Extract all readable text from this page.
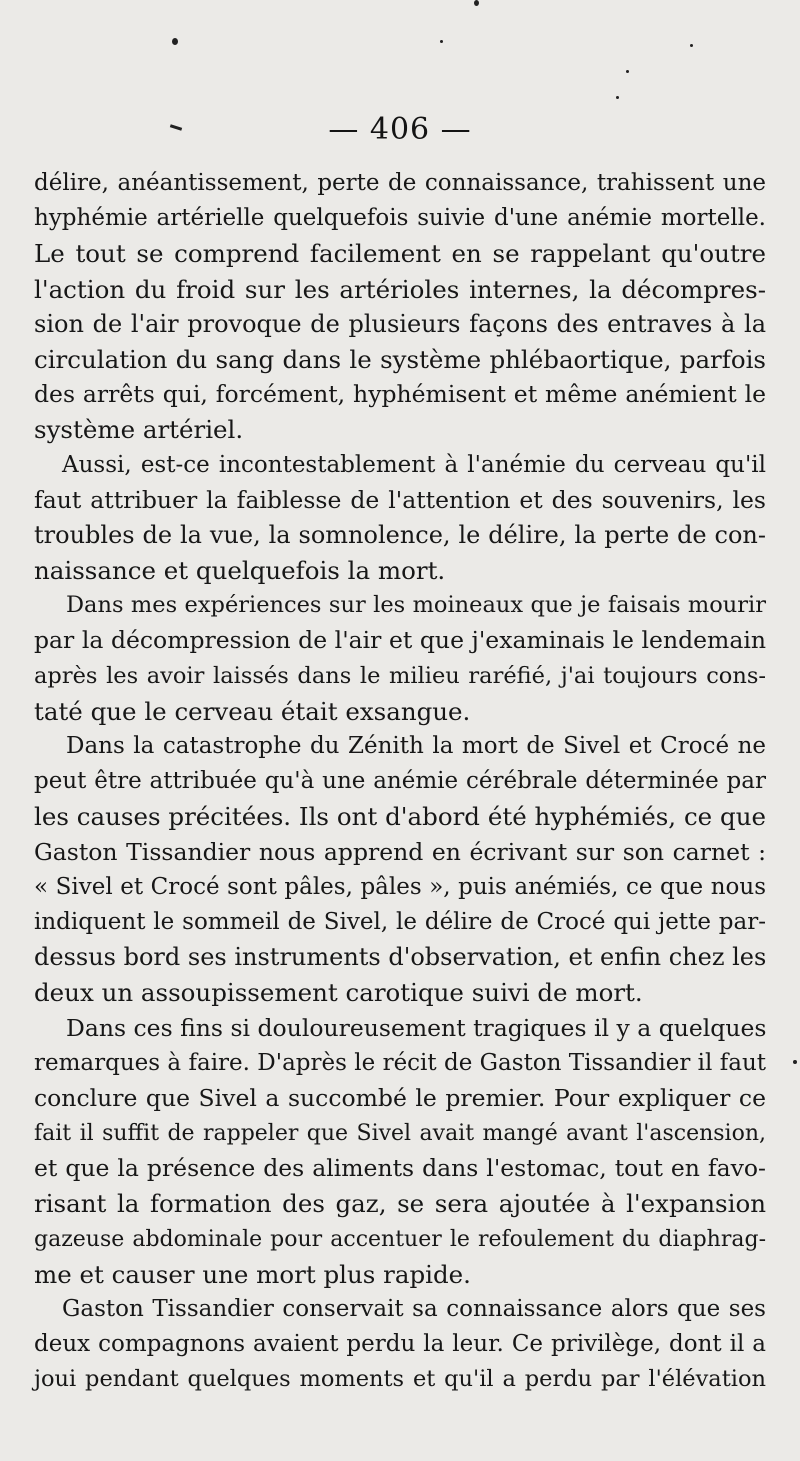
— 406 —
délire, anéantissement, perte de connaissance, trahissent une
hyphémie artérielle quelquefois suivie d'une anémie mortelle.
Le tout se comprend facilement en se rappelant qu'outre
l'action du froid sur les artérioles internes, la décompres-
sion de l'air provoque de plusieurs façons des entraves à la
circulation du sang dans le système phlébaortique, parfois
des arrêts qui, forcément, hyphémisent et même anémient le
système artériel.
Aussi, est-ce incontestablement à l'anémie du cerveau qu'il
faut attribuer la faiblesse de l'attention et des souvenirs, les
troubles de la vue, la somnolence, le délire, la perte de con-
naissance et quelquefois la mort.
Dans mes expériences sur les moineaux que je faisais mourir
par la décompression de l'air et que j'examinais le lendemain
après les avoir laissés dans le milieu raréfié, j'ai toujours cons-
taté que le cerveau était exsangue.
Dans la catastrophe du Zénith la mort de Sivel et Crocé ne
peut être attribuée qu'à une anémie cérébrale déterminée par
les causes précitées. Ils ont d'abord été hyphémiés, ce que
Gaston Tissandier nous apprend en écrivant sur son carnet :
« Sivel et Crocé sont pâles, pâles », puis anémiés, ce que nous
indiquent le sommeil de Sivel, le délire de Crocé qui jette par-
dessus bord ses instruments d'observation, et enfin chez les
deux un assoupissement carotique suivi de mort.
Dans ces fins si douloureusement tragiques il y a quelques
remarques à faire. D'après le récit de Gaston Tissandier il faut
conclure que Sivel a succombé le premier. Pour expliquer ce
fait il suffit de rappeler que Sivel avait mangé avant l'ascension,
et que la présence des aliments dans l'estomac, tout en favo-
risant la formation des gaz, se sera ajoutée à l'expansion
gazeuse abdominale pour accentuer le refoulement du diaphrag-
me et causer une mort plus rapide.
Gaston Tissandier conservait sa connaissance alors que ses
deux compagnons avaient perdu la leur. Ce privilège, dont il a
joui pendant quelques moments et qu'il a perdu par l'élévation
